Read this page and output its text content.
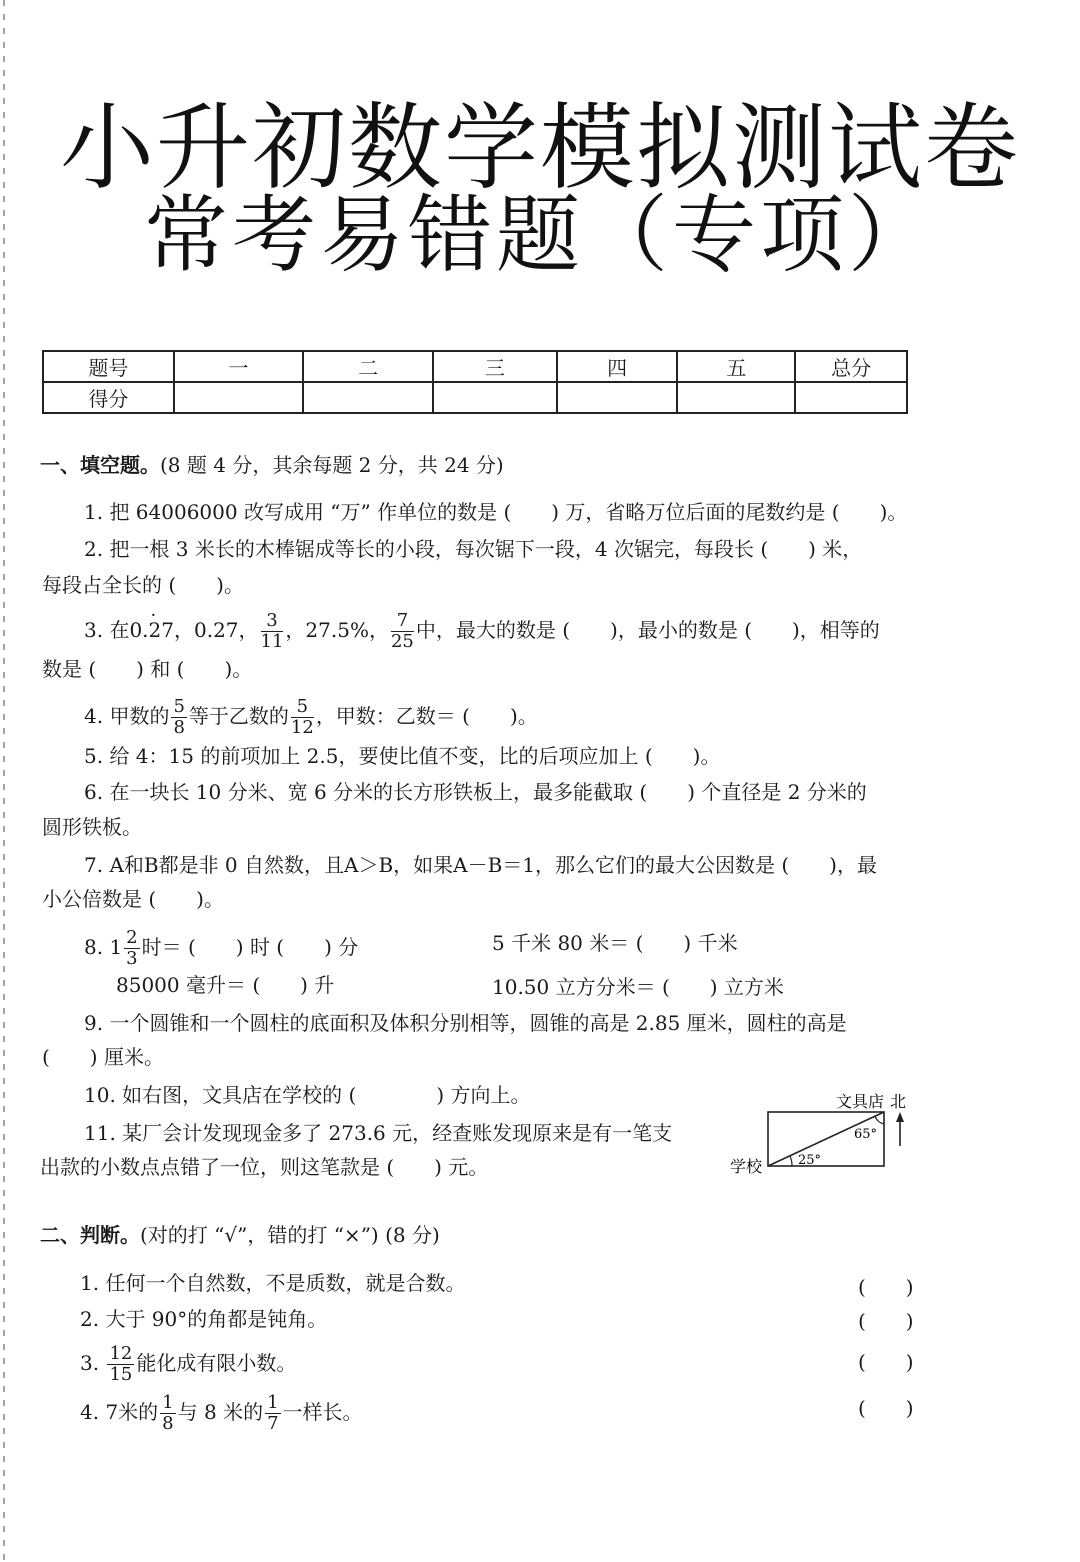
小升初数学模拟测试卷
常考易错题（专项）
题号	一	二	三	四	五	总分
得分						
一、填空题。(8 题 4 分，其余每题 2 分，共 24 分)
1. 把 64006000 改写成用 “万” 作单位的数是 (　　) 万，省略万位后面的尾数约是 (　　)。
2. 把一根 3 米长的木棒锯成等长的小段，每次锯下一段，4 次锯完，每段长 (　　) 米，
每段占全长的 (　　)。
3. 在0.· 27，0.27， $\frac{3}{11}$ ，27.5%， $\frac{7}{25}$ 中，最大的数是 (　　)，最小的数是 (　　)，相等的
数是 (　　) 和 (　　)。
4. 甲数的 $\frac{5}{8}$ 等于乙数的 $\frac{5}{12}$ ，甲数：乙数＝ (　　)。
5. 给 4：15 的前项加上 2.5，要使比值不变，比的后项应加上 (　　)。
6. 在一块长 10 分米、宽 6 分米的长方形铁板上，最多能截取 (　　) 个直径是 2 分米的
圆形铁板。
7. A和B都是非 0 自然数，且A＞B，如果A－B＝1，那么它们的最大公因数是 (　　)，最
小公倍数是 (　　)。
8. $1 \frac{2}{3}$ 时＝ (　　) 时 (　　) 分	5 千米 80 米＝ (　　) 千米
85000 毫升＝ (　　) 升	10.50 立方分米＝ (　　) 立方米
9. 一个圆锥和一个圆柱的底面积及体积分别相等，圆锥的高是 2.85 厘米，圆柱的高是
(　　) 厘米。
10. 如右图，文具店在学校的 (　　　　) 方向上。
11. 某厂会计发现现金多了 273.6 元，经查账发现原来是有一笔支
出款的小数点点错了一位，则这笔款是 (　　) 元。
文具店 北
学校
65°
25°
二、判断。(对的打 “√”，错的打 “×”) (8 分)
1. 任何一个自然数，不是质数，就是合数。	(　　)
2. 大于 90°的角都是钝角。	(　　)
3. $\frac{12}{15}$ 能化成有限小数。	(　　)
4. 7米的 $\frac{1}{8}$ 与 8 米的 $\frac{1}{7}$ 一样长。	(　　)
